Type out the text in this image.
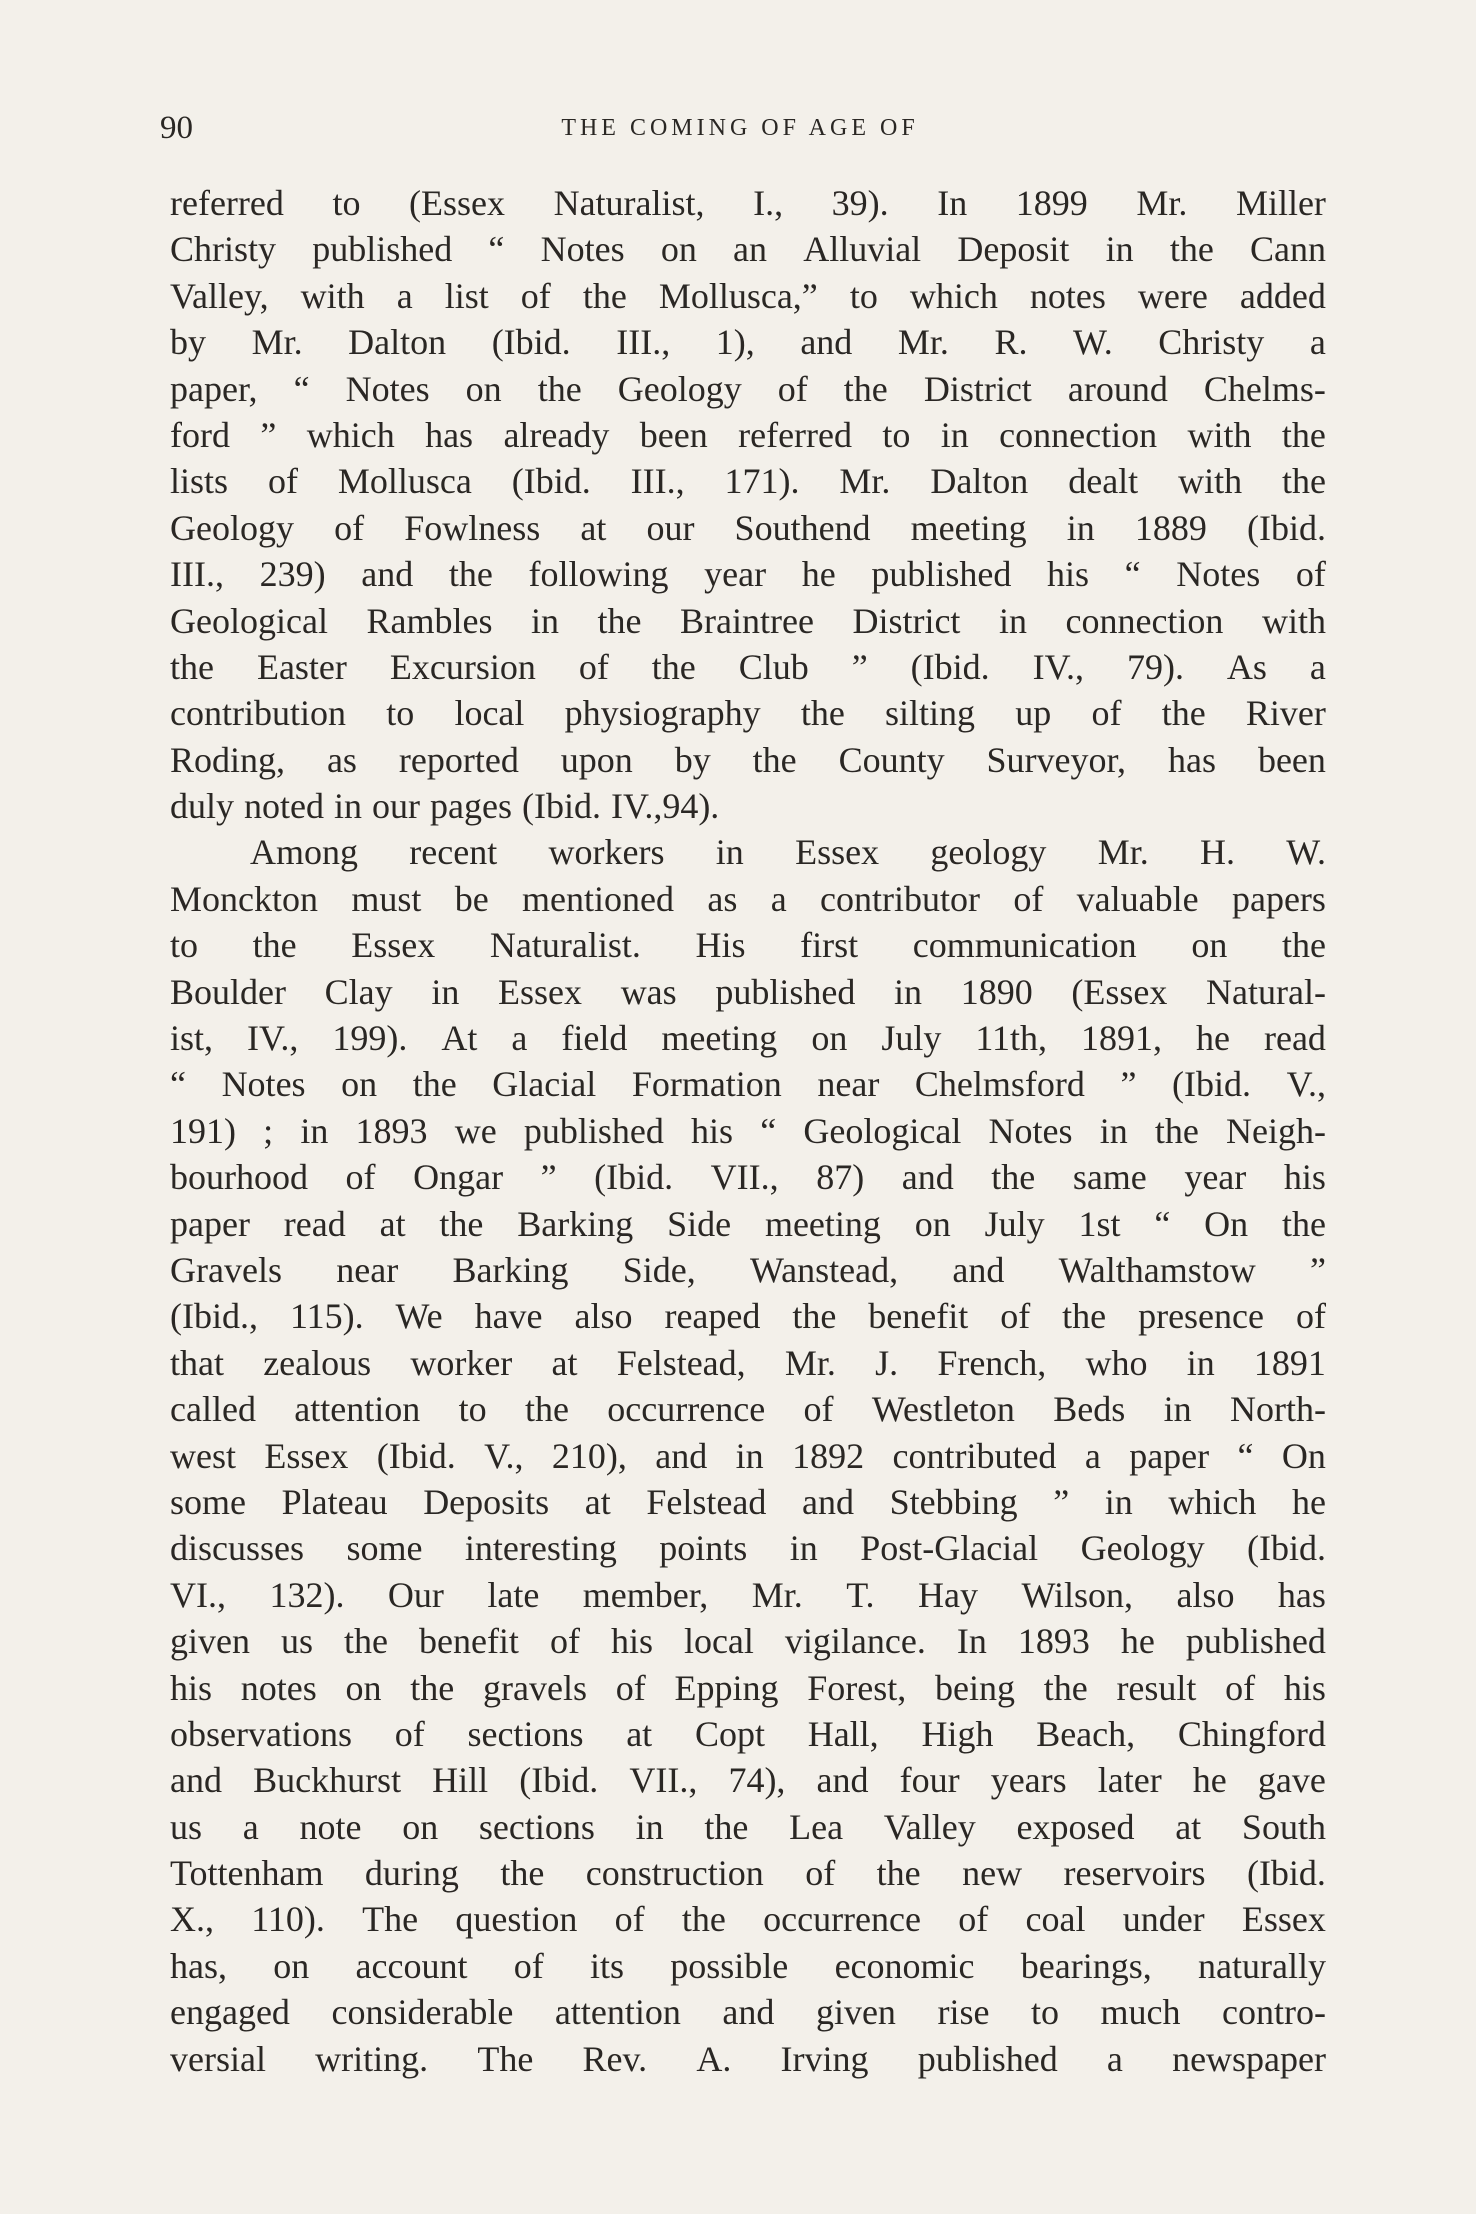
90	THE COMING OF AGE OF
referred to (Essex Naturalist, I., 39). In 1899 Mr. Miller
Christy published “ Notes on an Alluvial Deposit in the Cann
Valley, with a list of the Mollusca,” to which notes were added
by Mr. Dalton (Ibid. III., 1), and Mr. R. W. Christy a
paper, “ Notes on the Geology of the District around Chelms-
ford ” which has already been referred to in connection with the
lists of Mollusca (Ibid. III., 171). Mr. Dalton dealt with the
Geology of Fowlness at our Southend meeting in 1889 (Ibid.
III., 239) and the following year he published his “ Notes of
Geological Rambles in the Braintree District in connection with
the Easter Excursion of the Club ” (Ibid. IV., 79). As a
contribution to local physiography the silting up of the River
Roding, as reported upon by the County Surveyor, has been
duly noted in our pages (Ibid. IV.,94).
Among recent workers in Essex geology Mr. H. W.
Monckton must be mentioned as a contributor of valuable papers
to the Essex Naturalist. His first communication on the
Boulder Clay in Essex was published in 1890 (Essex Natural-
ist, IV., 199). At a field meeting on July 11th, 1891, he read
“ Notes on the Glacial Formation near Chelmsford ” (Ibid. V.,
191) ; in 1893 we published his “ Geological Notes in the Neigh-
bourhood of Ongar ” (Ibid. VII., 87) and the same year his
paper read at the Barking Side meeting on July 1st “ On the
Gravels near Barking Side, Wanstead, and Walthamstow ”
(Ibid., 115). We have also reaped the benefit of the presence of
that zealous worker at Felstead, Mr. J. French, who in 1891
called attention to the occurrence of Westleton Beds in North-
west Essex (Ibid. V., 210), and in 1892 contributed a paper “ On
some Plateau Deposits at Felstead and Stebbing ” in which he
discusses some interesting points in Post-Glacial Geology (Ibid.
VI., 132). Our late member, Mr. T. Hay Wilson, also has
given us the benefit of his local vigilance. In 1893 he published
his notes on the gravels of Epping Forest, being the result of his
observations of sections at Copt Hall, High Beach, Chingford
and Buckhurst Hill (Ibid. VII., 74), and four years later he gave
us a note on sections in the Lea Valley exposed at South
Tottenham during the construction of the new reservoirs (Ibid.
X., 110). The question of the occurrence of coal under Essex
has, on account of its possible economic bearings, naturally
engaged considerable attention and given rise to much contro-
versial writing. The Rev. A. Irving published a newspaper
